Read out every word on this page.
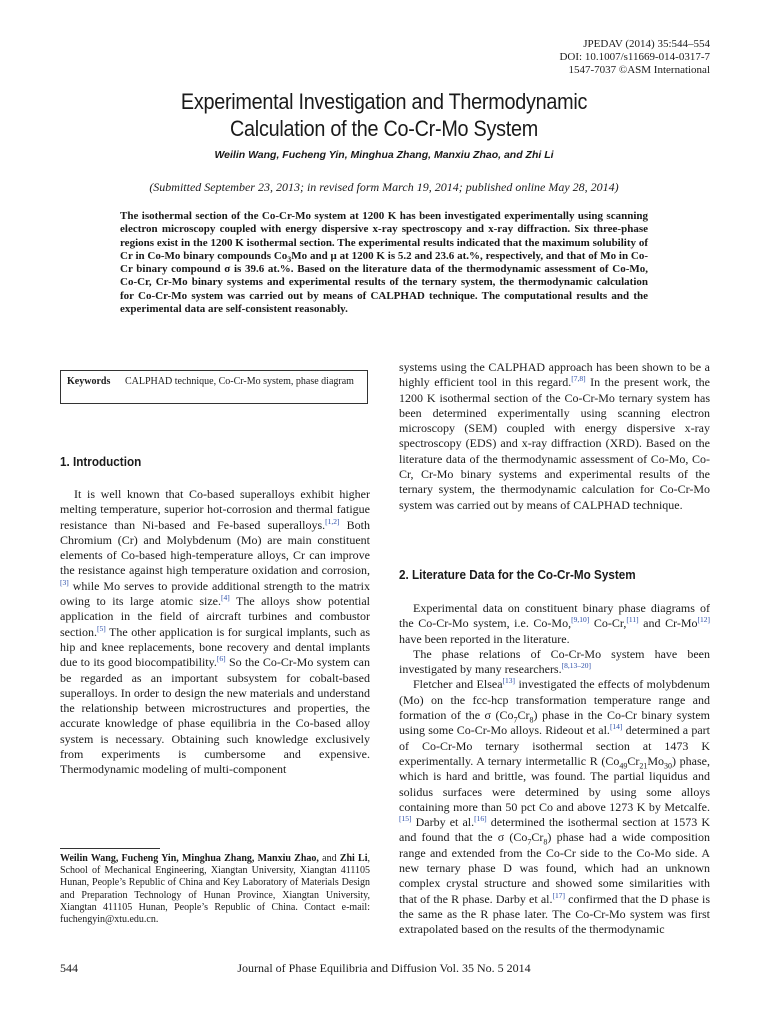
JPEDAV (2014) 35:544–554
DOI: 10.1007/s11669-014-0317-7
1547-7037 ©ASM International
Experimental Investigation and Thermodynamic
Calculation of the Co-Cr-Mo System
Weilin Wang, Fucheng Yin, Minghua Zhang, Manxiu Zhao, and Zhi Li
(Submitted September 23, 2013; in revised form March 19, 2014; published online May 28, 2014)
The isothermal section of the Co-Cr-Mo system at 1200 K has been investigated experimentally using scanning electron microscopy coupled with energy dispersive x-ray spectroscopy and x-ray diffraction. Six three-phase regions exist in the 1200 K isothermal section. The experimental results indicated that the maximum solubility of Cr in Co-Mo binary compounds $Co_3Mo$ and μ at 1200 K is 5.2 and 23.6 at.%, respectively, and that of Mo in Co-Cr binary compound σ is 39.6 at.%. Based on the literature data of the thermodynamic assessment of Co-Mo, Co-Cr, Cr-Mo binary systems and experimental results of the ternary system, the thermodynamic calculation for Co-Cr-Mo system was carried out by means of CALPHAD technique. The computational results and the experimental data are self-consistent reasonably.
Keywords	CALPHAD technique, Co-Cr-Mo system, phase diagram
1. Introduction

It is well known that Co-based superalloys exhibit higher melting temperature, superior hot-corrosion and thermal fatigue resistance than Ni-based and Fe-based superalloys.[1,2] Both Chromium (Cr) and Molybdenum (Mo) are main constituent elements of Co-based high-temperature alloys, Cr can improve the resistance against high temperature oxidation and corrosion,[3] while Mo serves to provide additional strength to the matrix owing to its large atomic size.[4] The alloys show potential application in the field of aircraft turbines and combustor section.[5] The other application is for surgical implants, such as hip and knee replacements, bone recovery and dental implants due to its good biocompatibility.[6] So the Co-Cr-Mo system can be regarded as an important subsystem for cobalt-based superalloys. In order to design the new materials and understand the relationship between microstructures and properties, the accurate knowledge of phase equilibria in the Co-based alloy system is necessary. Obtaining such knowledge exclusively from experiments is cumbersome and expensive. Thermodynamic modeling of multi-component

systems using the CALPHAD approach has been shown to be a highly efficient tool in this regard.[7,8] In the present work, the 1200 K isothermal section of the Co-Cr-Mo ternary system has been determined experimentally using scanning electron microscopy (SEM) coupled with energy dispersive x-ray spectroscopy (EDS) and x-ray diffraction (XRD). Based on the literature data of the thermodynamic assessment of Co-Mo, Co-Cr, Cr-Mo binary systems and experimental results of the ternary system, the thermodynamic calculation for Co-Cr-Mo system was carried out by means of CALPHAD technique.

2. Literature Data for the Co-Cr-Mo System

Experimental data on constituent binary phase diagrams of the Co-Cr-Mo system, i.e. Co-Mo,[9,10] Co-Cr,[11] and Cr-Mo[12] have been reported in the literature.

The phase relations of Co-Cr-Mo system have been investigated by many researchers.[8,13–20]

Fletcher and Elsea[13] investigated the effects of molybdenum (Mo) on the fcc-hcp transformation temperature range and formation of the σ $(Co_7Cr_8)$ phase in the Co-Cr binary system using some Co-Cr-Mo alloys. Rideout et al.[14] determined a part of Co-Cr-Mo ternary isothermal section at 1473 K experimentally. A ternary intermetallic R $(Co_{49}Cr_{21}Mo_{30})$ phase, which is hard and brittle, was found. The partial liquidus and solidus surfaces were determined by using some alloys containing more than 50 pct Co and above 1273 K by Metcalfe.[15] Darby et al.[16] determined the isothermal section at 1573 K and found that the σ $(Co_7Cr_8)$ phase had a wide composition range and extended from the Co-Cr side to the Co-Mo side. A new ternary phase D was found, which had an unknown complex crystal structure and showed some similarities with that of the R phase. Darby et al.[17] confirmed that the D phase is the same as the R phase later. The Co-Cr-Mo system was first extrapolated based on the results of the thermodynamic

Weilin Wang, Fucheng Yin, Minghua Zhang, Manxiu Zhao, and Zhi Li, School of Mechanical Engineering, Xiangtan University, Xiangtan 411105 Hunan, People’s Republic of China and Key Laboratory of Materials Design and Preparation Technology of Hunan Province, Xiangtan University, Xiangtan 411105 Hunan, People’s Republic of China. Contact e-mail: fuchengyin@xtu.edu.cn.
544	Journal of Phase Equilibria and Diffusion Vol. 35 No. 5 2014
